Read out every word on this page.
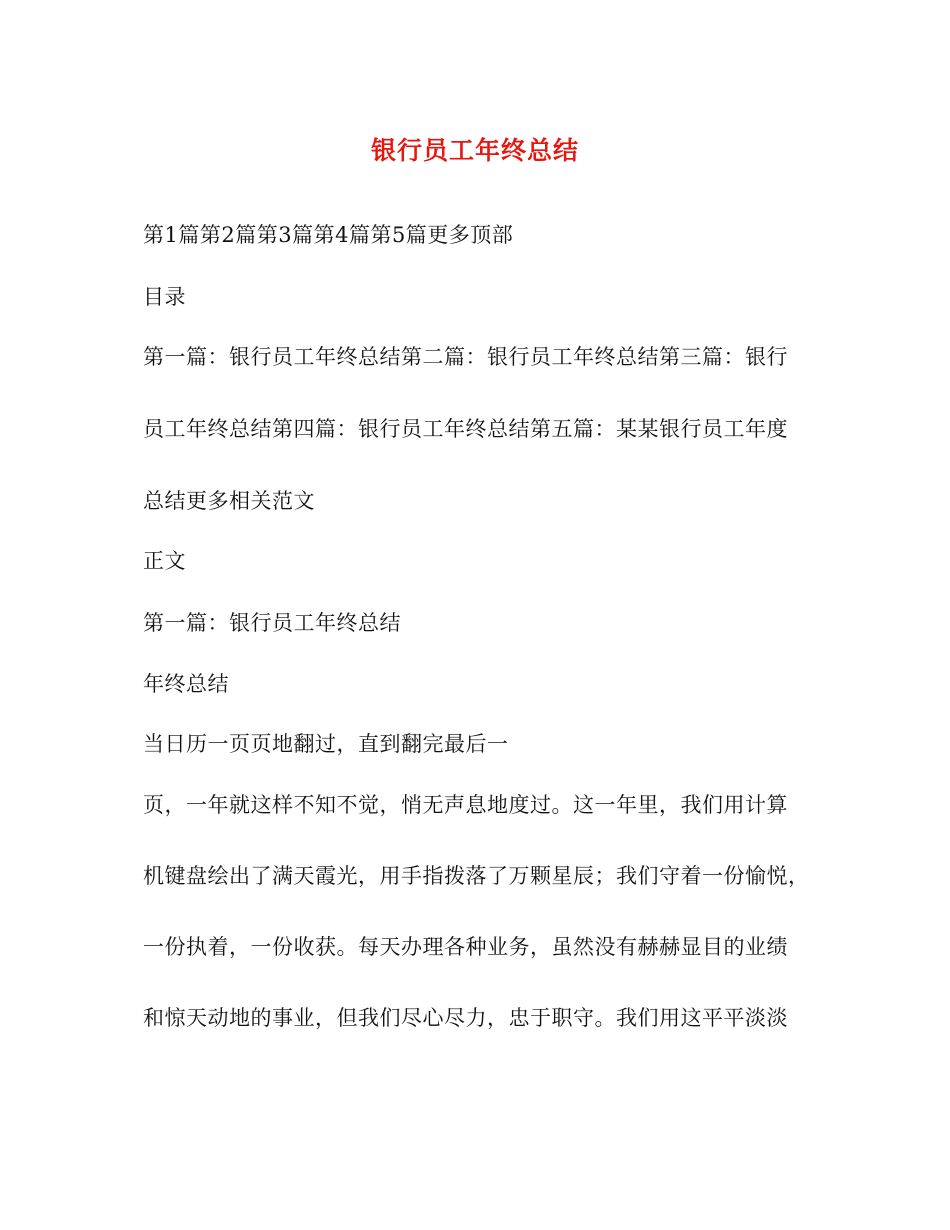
银行员工年终总结
第1篇第2篇第3篇第4篇第5篇更多顶部
目录
第一篇：银行员工年终总结第二篇：银行员工年终总结第三篇：银行
员工年终总结第四篇：银行员工年终总结第五篇：某某银行员工年度
总结更多相关范文
正文
第一篇：银行员工年终总结
年终总结
当日历一页页地翻过，直到翻完最后一
页，一年就这样不知不觉，悄无声息地度过。这一年里，我们用计算
机键盘绘出了满天霞光，用手指拨落了万颗星辰；我们守着一份愉悦，
一份执着，一份收获。每天办理各种业务，虽然没有赫赫显目的业绩
和惊天动地的事业，但我们尽心尽力，忠于职守。我们用这平平淡淡
